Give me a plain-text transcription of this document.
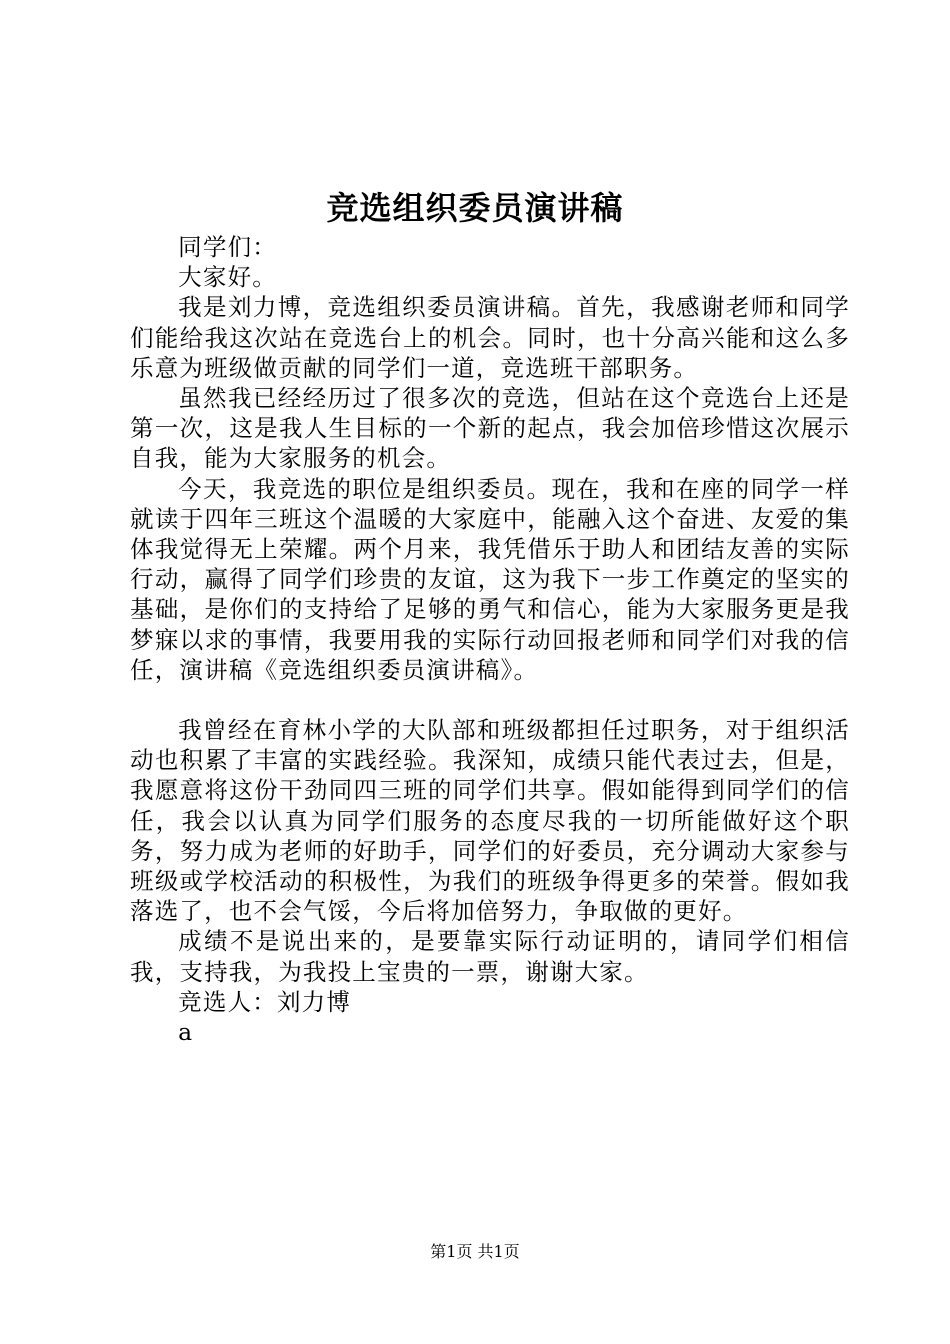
竞选组织委员演讲稿

同学们：

大家好。

我是刘力博，竞选组织委员演讲稿。首先，我感谢老师和同学们能给我这次站在竞选台上的机会。同时，也十分高兴能和这么多乐意为班级做贡献的同学们一道，竞选班干部职务。

虽然我已经经历过了很多次的竞选，但站在这个竞选台上还是第一次，这是我人生目标的一个新的起点，我会加倍珍惜这次展示自我，能为大家服务的机会。

今天，我竞选的职位是组织委员。现在，我和在座的同学一样就读于四年三班这个温暖的大家庭中，能融入这个奋进、友爱的集体我觉得无上荣耀。两个月来，我凭借乐于助人和团结友善的实际行动，赢得了同学们珍贵的友谊，这为我下一步工作奠定的坚实的基础，是你们的支持给了足够的勇气和信心，能为大家服务更是我梦寐以求的事情，我要用我的实际行动回报老师和同学们对我的信任，演讲稿《竞选组织委员演讲稿》。

我曾经在育林小学的大队部和班级都担任过职务，对于组织活动也积累了丰富的实践经验。我深知，成绩只能代表过去，但是，我愿意将这份干劲同四三班的同学们共享。假如能得到同学们的信任，我会以认真为同学们服务的态度尽我的一切所能做好这个职务，努力成为老师的好助手，同学们的好委员，充分调动大家参与班级或学校活动的积极性，为我们的班级争得更多的荣誉。假如我落选了，也不会气馁，今后将加倍努力，争取做的更好。

成绩不是说出来的，是要靠实际行动证明的，请同学们相信我，支持我，为我投上宝贵的一票，谢谢大家。

竞选人：刘力博

a

第1页 共1页
